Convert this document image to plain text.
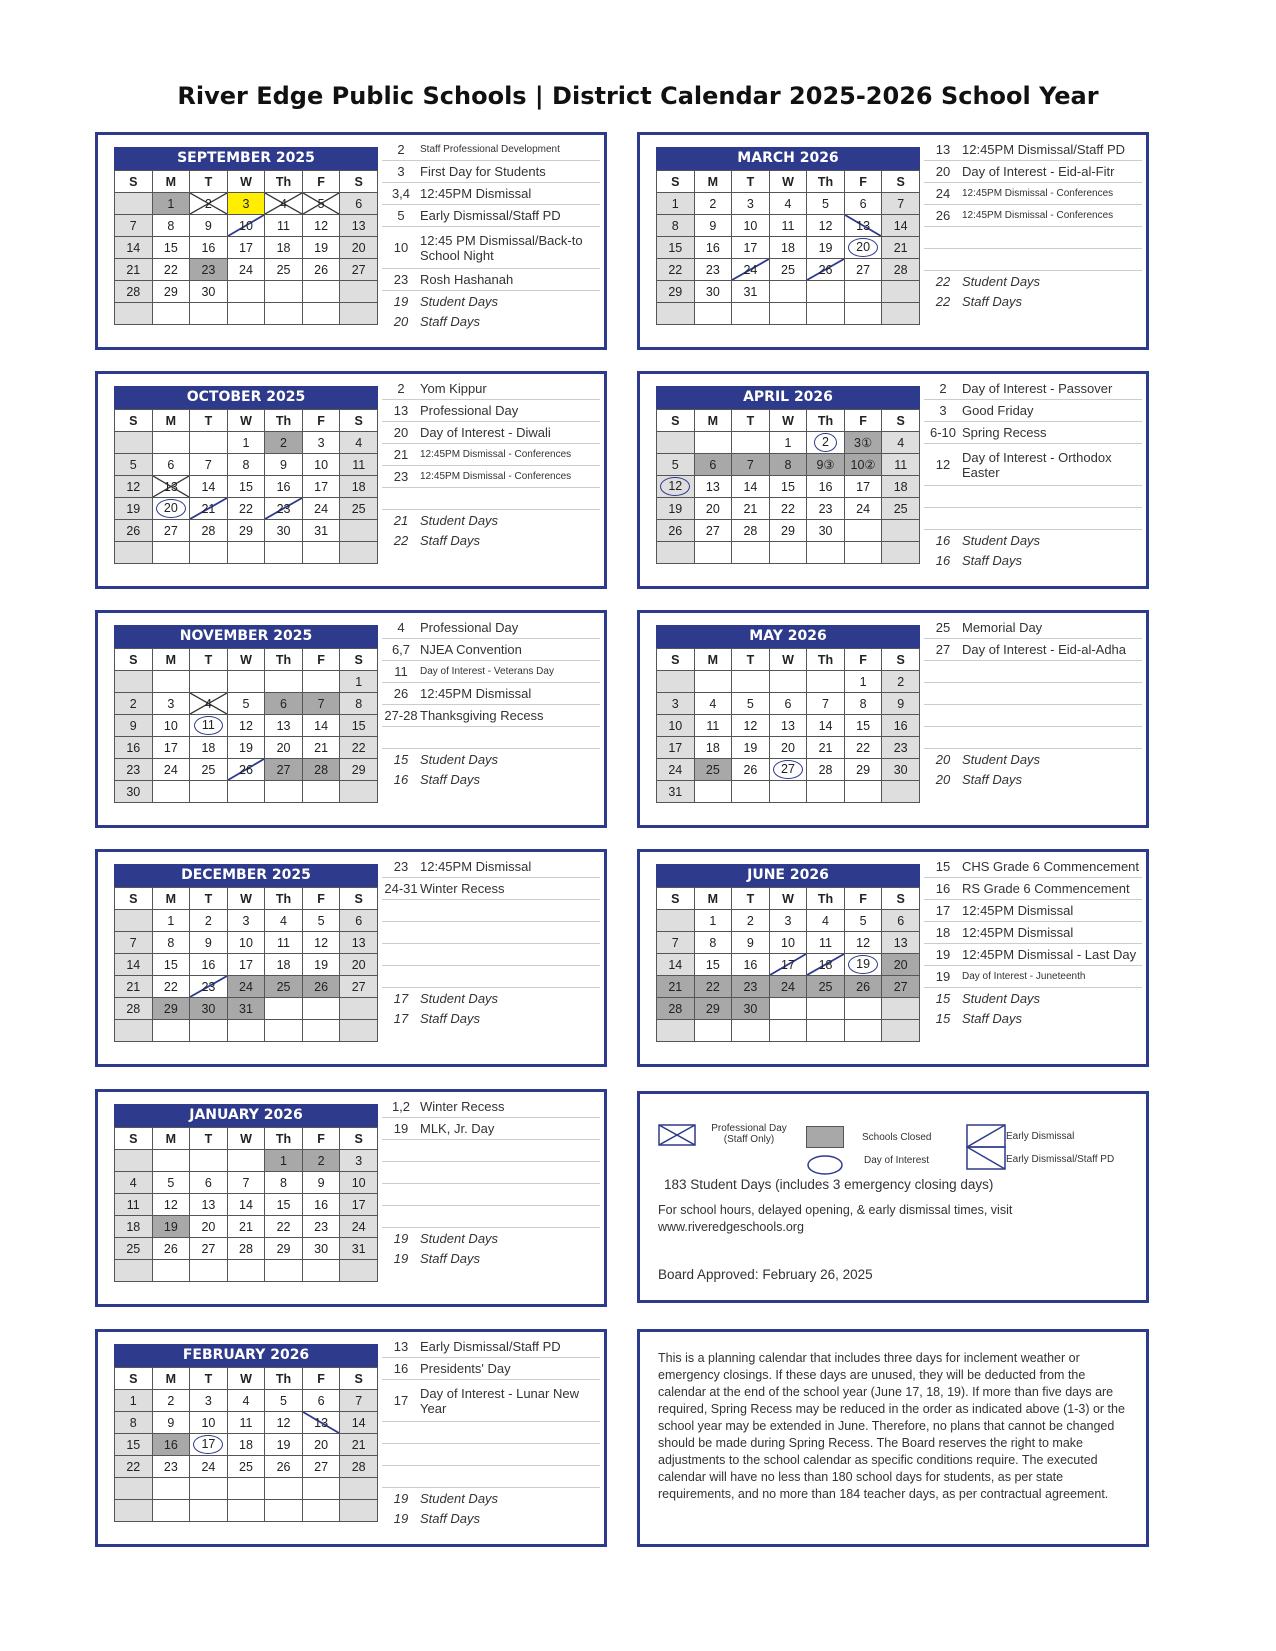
River Edge Public Schools | District Calendar 2025-2026 School Year
SEPTEMBER 2025
S	M	T	W	Th	F	S
	1	2	3	4	5	6
7	8	9	10	11	12	13
14	15	16	17	18	19	20
21	22	23	24	25	26	27
28	29	30				

2	Staff Professional Development
3	First Day for Students
3,4	12:45PM Dismissal
5	Early Dismissal/Staff PD
10	12:45 PM Dismissal/Back-to School Night
23	Rosh Hashanah
19	Student Days
20	Staff Days
OCTOBER 2025
S	M	T	W	Th	F	S
			1	2	3	4
5	6	7	8	9	10	11
12	13	14	15	16	17	18
19	20	21	22	23	24	25
26	27	28	29	30	31	

2	Yom Kippur
13	Professional Day
20	Day of Interest - Diwali
21	12:45PM Dismissal - Conferences
23	12:45PM Dismissal - Conferences

21	Student Days
22	Staff Days
NOVEMBER 2025
S	M	T	W	Th	F	S
						1
2	3	4	5	6	7	8
9	10	11	12	13	14	15
16	17	18	19	20	21	22
23	24	25	26	27	28	29
30						
4	Professional Day
6,7	NJEA Convention
11	Day of Interest - Veterans Day
26	12:45PM Dismissal
27-28	Thanksgiving Recess

15	Student Days
16	Staff Days
DECEMBER 2025
S	M	T	W	Th	F	S
	1	2	3	4	5	6
7	8	9	10	11	12	13
14	15	16	17	18	19	20
21	22	23	24	25	26	27
28	29	30	31			

23	12:45PM Dismissal
24-31	Winter Recess

17	Student Days
17	Staff Days
JANUARY 2026
S	M	T	W	Th	F	S
				1	2	3
4	5	6	7	8	9	10
11	12	13	14	15	16	17
18	19	20	21	22	23	24
25	26	27	28	29	30	31

1,2	Winter Recess
19	MLK, Jr. Day

19	Student Days
19	Staff Days
FEBRUARY 2026
S	M	T	W	Th	F	S
1	2	3	4	5	6	7
8	9	10	11	12	13	14
15	16	17	18	19	20	21
22	23	24	25	26	27	28

13	Early Dismissal/Staff PD
16	Presidents' Day
17	Day of Interest - Lunar New Year

19	Student Days
19	Staff Days
MARCH 2026
S	M	T	W	Th	F	S
1	2	3	4	5	6	7
8	9	10	11	12	13	14
15	16	17	18	19	20	21
22	23	24	25	26	27	28
29	30	31				

13	12:45PM Dismissal/Staff PD
20	Day of Interest - Eid-al-Fitr
24	12:45PM Dismissal - Conferences
26	12:45PM Dismissal - Conferences

22	Student Days
22	Staff Days
APRIL 2026
S	M	T	W	Th	F	S
			1	2	3①	4
5	6	7	8	9③	10②	11
12	13	14	15	16	17	18
19	20	21	22	23	24	25
26	27	28	29	30		

2	Day of Interest - Passover
3	Good Friday
6-10	Spring Recess
12	Day of Interest - Orthodox Easter

16	Student Days
16	Staff Days
MAY 2026
S	M	T	W	Th	F	S
					1	2
3	4	5	6	7	8	9
10	11	12	13	14	15	16
17	18	19	20	21	22	23
24	25	26	27	28	29	30
31						
25	Memorial Day
27	Day of Interest - Eid-al-Adha

20	Student Days
20	Staff Days
JUNE 2026
S	M	T	W	Th	F	S
	1	2	3	4	5	6
7	8	9	10	11	12	13
14	15	16	17	18	19	20
21	22	23	24	25	26	27
28	29	30				

15	CHS Grade 6 Commencement
16	RS Grade 6 Commencement
17	12:45PM Dismissal
18	12:45PM Dismissal
19	12:45PM Dismissal - Last Day
19	Day of Interest - Juneteenth
15	Student Days
15	Staff Days
Professional Day (Staff Only)	Schools Closed
Day of Interest
Early Dismissal
Early Dismissal/Staff PD
183 Student Days (includes 3 emergency closing days)
For school hours, delayed opening, & early dismissal times, visit
www.riveredgeschools.org
Board Approved: February 26, 2025
This is a planning calendar that includes three days for inclement weather or emergency closings. If these days are unused, they will be deducted from the calendar at the end of the school year (June 17, 18, 19). If more than five days are required, Spring Recess may be reduced in the order as indicated above (1-3) or the school year may be extended in June. Therefore, no plans that cannot be changed should be made during Spring Recess. The Board reserves the right to make adjustments to the school calendar as specific conditions require. The executed calendar will have no less than 180 school days for students, as per state requirements, and no more than 184 teacher days, as per contractual agreement.
